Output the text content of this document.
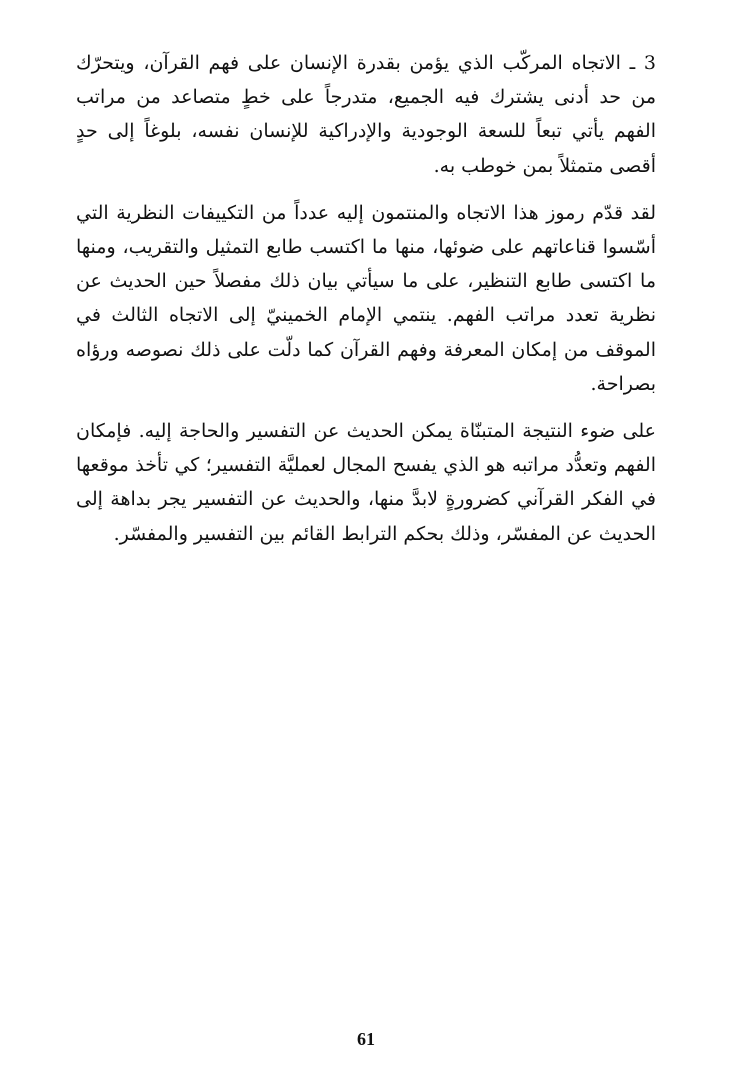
3 ـ الاتجاه المركّب الذي يؤمن بقدرة الإنسان على فهم القرآن، ويتحرّك من حد أدنى يشترك فيه الجميع، متدرجاً على خطٍ متصاعد من مراتب الفهم يأتي تبعاً للسعة الوجودية والإدراكية للإنسان نفسه، بلوغاً إلى حدٍ أقصى متمثلاً بمن خوطب به.

لقد قدّم رموز هذا الاتجاه والمنتمون إليه عدداً من التكييفات النظرية التي أسّسوا قناعاتهم على ضوئها، منها ما اكتسب طابع التمثيل والتقريب، ومنها ما اكتسى طابع التنظير، على ما سيأتي بيان ذلك مفصلاً حين الحديث عن نظرية تعدد مراتب الفهم. ينتمي الإمام الخمينيّ إلى الاتجاه الثالث في الموقف من إمكان المعرفة وفهم القرآن كما دلّت على ذلك نصوصه ورؤاه بصراحة.

على ضوء النتيجة المتبنّاة يمكن الحديث عن التفسير والحاجة إليه. فإمكان الفهم وتعدُّد مراتبه هو الذي يفسح المجال لعمليَّة التفسير؛ كي تأخذ موقعها في الفكر القرآني كضرورةٍ لابدَّ منها، والحديث عن التفسير يجر بداهة إلى الحديث عن المفسّر، وذلك بحكم الترابط القائم بين التفسير والمفسّر.

61
